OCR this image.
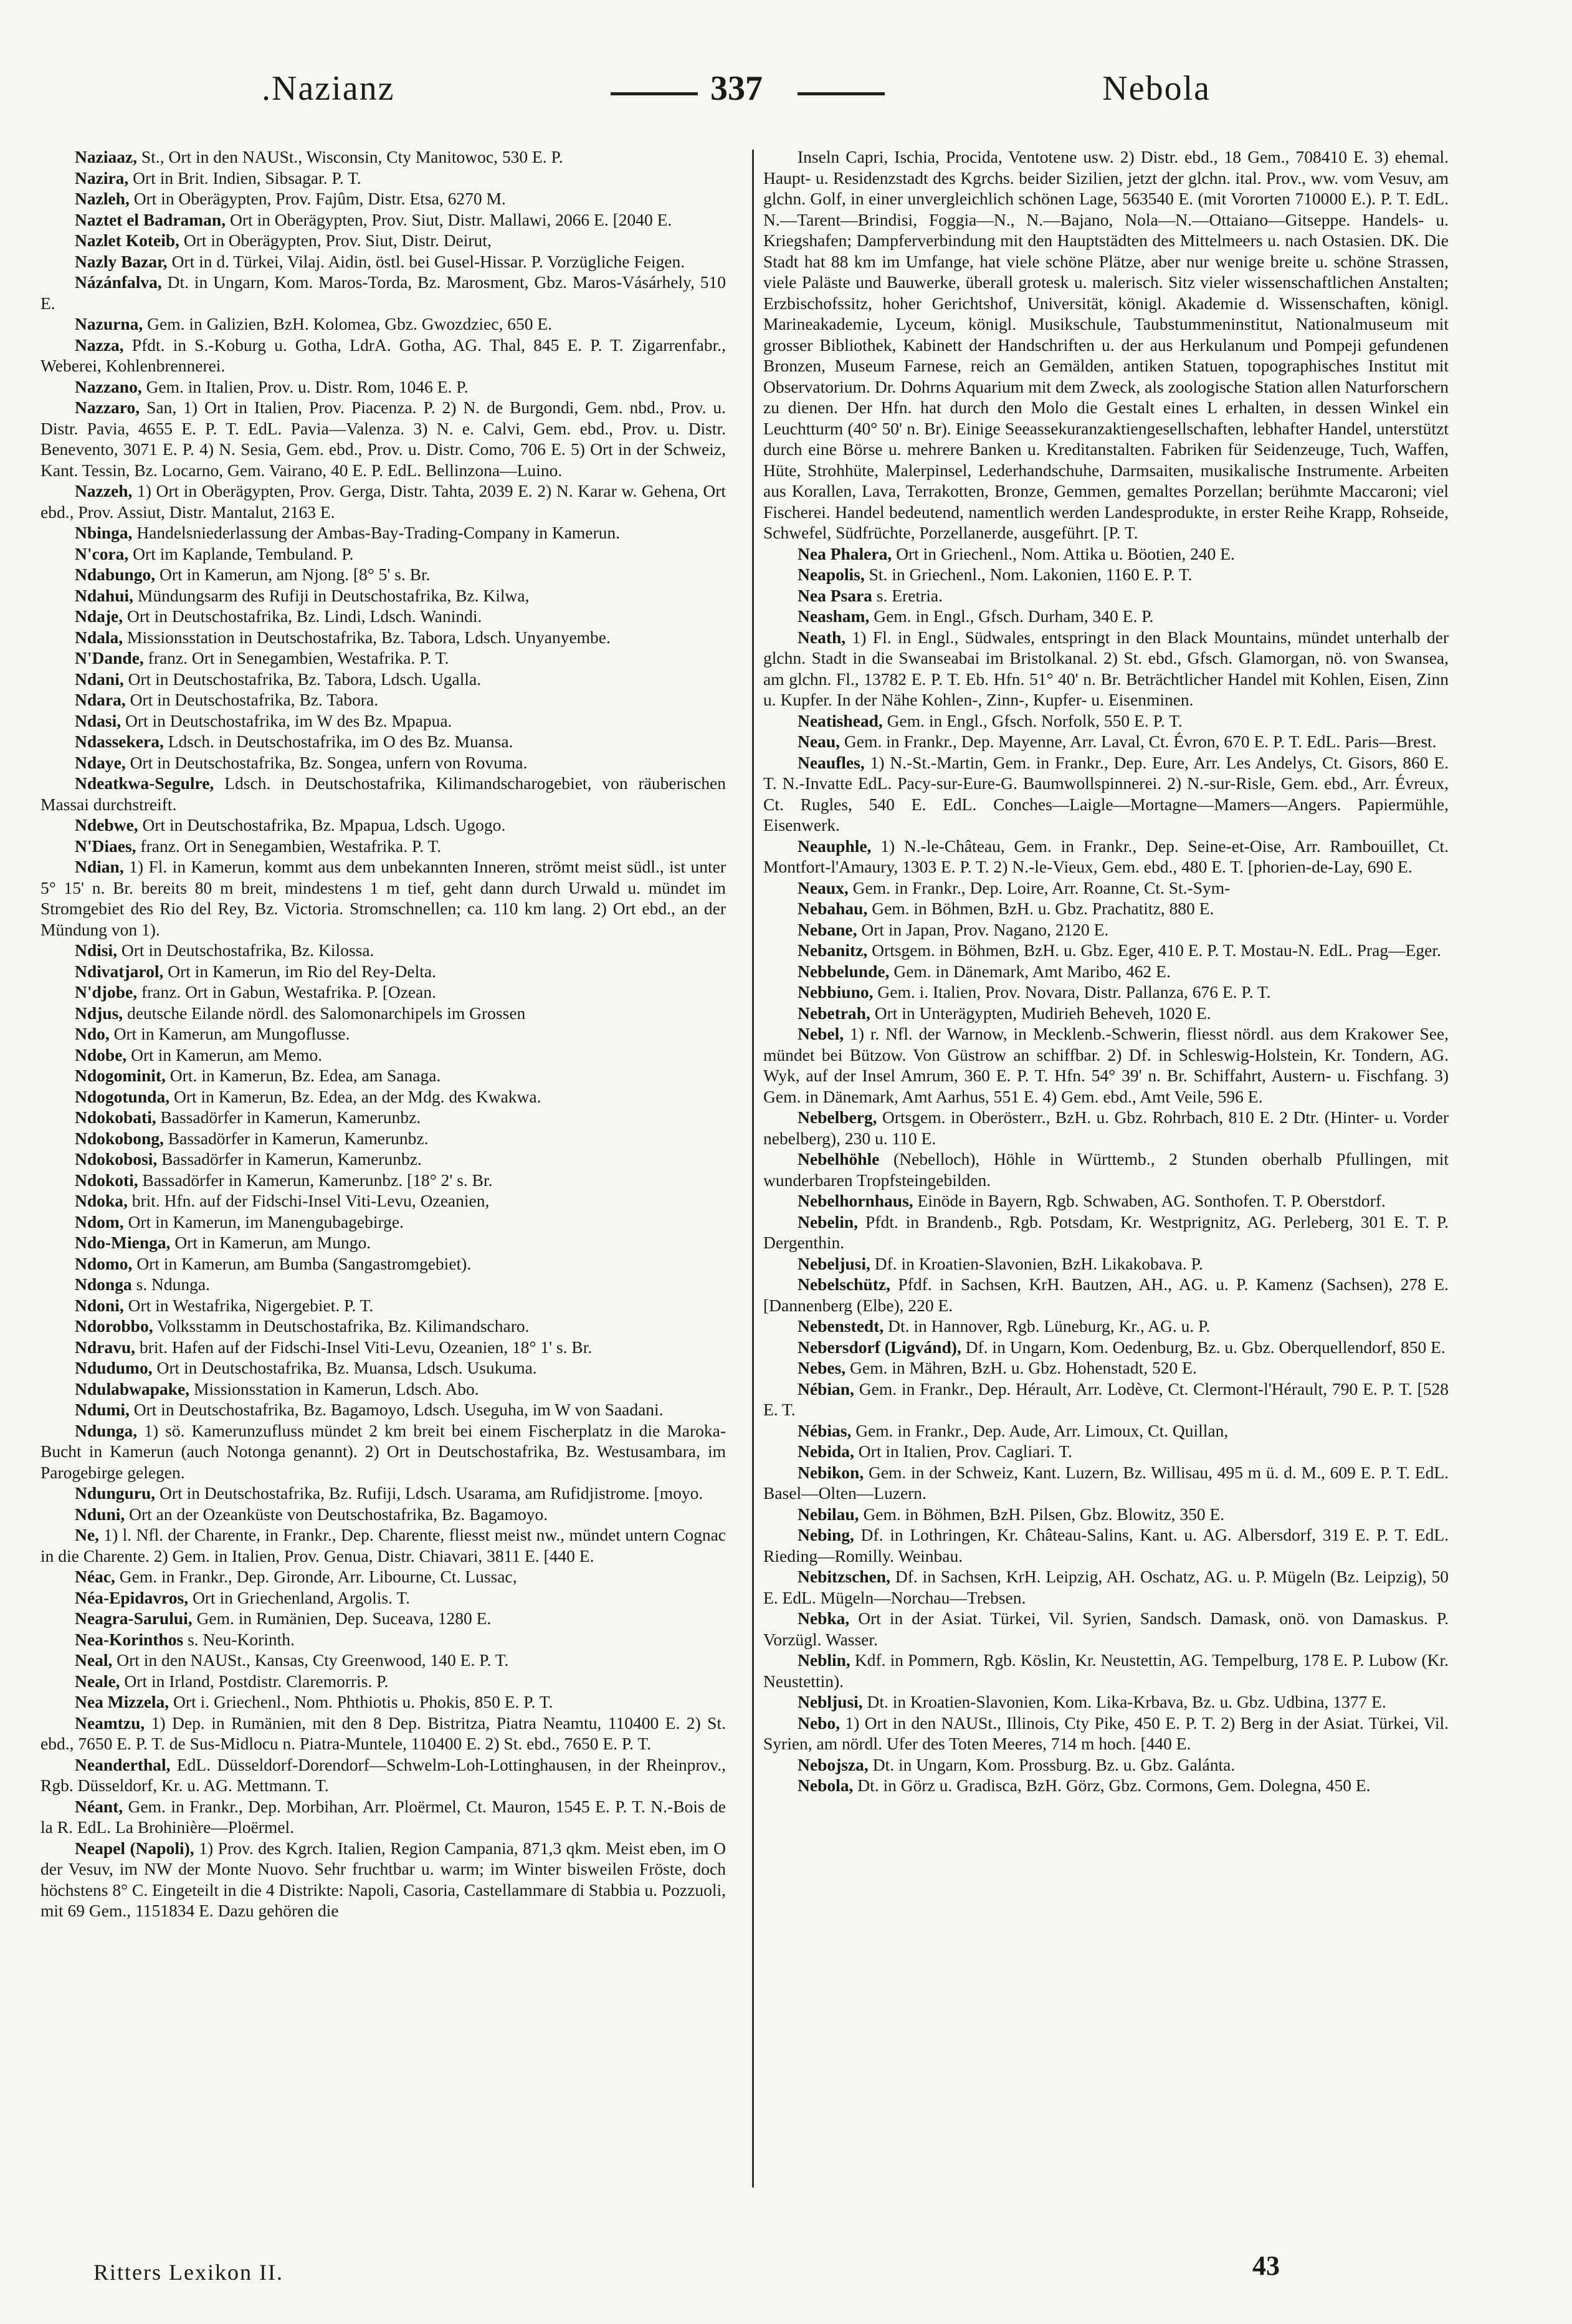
.Nazianz	337	Nebola

Naziaaz, St., Ort in den NAUSt., Wisconsin, Cty Manitowoc, 530 E. P.

Nazira, Ort in Brit. Indien, Sibsagar. P. T.

Nazleh, Ort in Oberägypten, Prov. Fajûm, Distr. Etsa, 6270 M.

Naztet el Badraman, Ort in Oberägypten, Prov. Siut, Distr. Mallawi, 2066 E. [2040 E.

Nazlet Koteib, Ort in Oberägypten, Prov. Siut, Distr. Deirut,

Nazly Bazar, Ort in d. Türkei, Vilaj. Aidin, östl. bei Gusel-Hissar. P. Vorzügliche Feigen.

Názánfalva, Dt. in Ungarn, Kom. Maros-Torda, Bz. Marosment, Gbz. Maros-Vásárhely, 510 E.

Nazurna, Gem. in Galizien, BzH. Kolomea, Gbz. Gwozdziec, 650 E.

Nazza, Pfdt. in S.-Koburg u. Gotha, LdrA. Gotha, AG. Thal, 845 E. P. T. Zigarrenfabr., Weberei, Kohlenbrennerei.

Nazzano, Gem. in Italien, Prov. u. Distr. Rom, 1046 E. P.

Nazzaro, San, 1) Ort in Italien, Prov. Piacenza. P. 2) N. de Burgondi, Gem. nbd., Prov. u. Distr. Pavia, 4655 E. P. T. EdL. Pavia—Valenza. 3) N. e. Calvi, Gem. ebd., Prov. u. Distr. Benevento, 3071 E. P. 4) N. Sesia, Gem. ebd., Prov. u. Distr. Como, 706 E. 5) Ort in der Schweiz, Kant. Tessin, Bz. Locarno, Gem. Vairano, 40 E. P. EdL. Bellinzona—Luino.

Nazzeh, 1) Ort in Oberägypten, Prov. Gerga, Distr. Tahta, 2039 E. 2) N. Karar w. Gehena, Ort ebd., Prov. Assiut, Distr. Mantalut, 2163 E.

Nbinga, Handelsniederlassung der Ambas-Bay-Trading-Company in Kamerun.

N'cora, Ort im Kaplande, Tembuland. P.

Ndabungo, Ort in Kamerun, am Njong. [8° 5' s. Br.

Ndahui, Mündungsarm des Rufiji in Deutschostafrika, Bz. Kilwa,

Ndaje, Ort in Deutschostafrika, Bz. Lindi, Ldsch. Wanindi.

Ndala, Missionsstation in Deutschostafrika, Bz. Tabora, Ldsch. Unyanyembe.

N'Dande, franz. Ort in Senegambien, Westafrika. P. T.

Ndani, Ort in Deutschostafrika, Bz. Tabora, Ldsch. Ugalla.

Ndara, Ort in Deutschostafrika, Bz. Tabora.

Ndasi, Ort in Deutschostafrika, im W des Bz. Mpapua.

Ndassekera, Ldsch. in Deutschostafrika, im O des Bz. Muansa.

Ndaye, Ort in Deutschostafrika, Bz. Songea, unfern von Rovuma.

Ndeatkwa-Segulre, Ldsch. in Deutschostafrika, Kilimandscharogebiet, von räuberischen Massai durchstreift.

Ndebwe, Ort in Deutschostafrika, Bz. Mpapua, Ldsch. Ugogo.

N'Diaes, franz. Ort in Senegambien, Westafrika. P. T.

Ndian, 1) Fl. in Kamerun, kommt aus dem unbekannten Inneren, strömt meist südl., ist unter 5° 15' n. Br. bereits 80 m breit, mindestens 1 m tief, geht dann durch Urwald u. mündet im Stromgebiet des Rio del Rey, Bz. Victoria. Stromschnellen; ca. 110 km lang. 2) Ort ebd., an der Mündung von 1).

Ndisi, Ort in Deutschostafrika, Bz. Kilossa.

Ndivatjarol, Ort in Kamerun, im Rio del Rey-Delta.

N'djobe, franz. Ort in Gabun, Westafrika. P. [Ozean.

Ndjus, deutsche Eilande nördl. des Salomonarchipels im Grossen

Ndo, Ort in Kamerun, am Mungoflusse.

Ndobe, Ort in Kamerun, am Memo.

Ndogominit, Ort. in Kamerun, Bz. Edea, am Sanaga.

Ndogotunda, Ort in Kamerun, Bz. Edea, an der Mdg. des Kwakwa.

Ndokobati, Bassadörfer in Kamerun, Kamerunbz.

Ndokobong, Bassadörfer in Kamerun, Kamerunbz.

Ndokobosi, Bassadörfer in Kamerun, Kamerunbz.

Ndokoti, Bassadörfer in Kamerun, Kamerunbz. [18° 2' s. Br.

Ndoka, brit. Hfn. auf der Fidschi-Insel Viti-Levu, Ozeanien,

Ndom, Ort in Kamerun, im Manengubagebirge.

Ndo-Mienga, Ort in Kamerun, am Mungo.

Ndomo, Ort in Kamerun, am Bumba (Sangastromgebiet).

Ndonga s. Ndunga.

Ndoni, Ort in Westafrika, Nigergebiet. P. T.

Ndorobbo, Volksstamm in Deutschostafrika, Bz. Kilimandscharo.

Ndravu, brit. Hafen auf der Fidschi-Insel Viti-Levu, Ozeanien, 18° 1' s. Br.

Ndudumo, Ort in Deutschostafrika, Bz. Muansa, Ldsch. Usukuma.

Ndulabwapake, Missionsstation in Kamerun, Ldsch. Abo.

Ndumi, Ort in Deutschostafrika, Bz. Bagamoyo, Ldsch. Useguha, im W von Saadani.

Ndunga, 1) sö. Kamerunzufluss mündet 2 km breit bei einem Fischerplatz in die Maroka-Bucht in Kamerun (auch Notonga genannt). 2) Ort in Deutschostafrika, Bz. Westusambara, im Parogebirge gelegen.

Ndunguru, Ort in Deutschostafrika, Bz. Rufiji, Ldsch. Usarama, am Rufidjistrome. [moyo.

Nduni, Ort an der Ozeanküste von Deutschostafrika, Bz. Bagamoyo.

Ne, 1) l. Nfl. der Charente, in Frankr., Dep. Charente, fliesst meist nw., mündet untern Cognac in die Charente. 2) Gem. in Italien, Prov. Genua, Distr. Chiavari, 3811 E. [440 E.

Néac, Gem. in Frankr., Dep. Gironde, Arr. Libourne, Ct. Lussac,

Néa-Epidavros, Ort in Griechenland, Argolis. T.

Neagra-Sarului, Gem. in Rumänien, Dep. Suceava, 1280 E.

Nea-Korinthos s. Neu-Korinth.

Neal, Ort in den NAUSt., Kansas, Cty Greenwood, 140 E. P. T.

Neale, Ort in Irland, Postdistr. Claremorris. P.

Nea Mizzela, Ort i. Griechenl., Nom. Phthiotis u. Phokis, 850 E. P. T.

Neamtzu, 1) Dep. in Rumänien, mit den 8 Dep. Bistritza, Piatra Neamtu, 110400 E. 2) St. ebd., 7650 E. P. T. de Sus-Midlocu n. Piatra-Muntele, 110400 E. 2) St. ebd., 7650 E. P. T.

Neanderthal, EdL. Düsseldorf-Dorendorf—Schwelm-Loh-Lottinghausen, in der Rheinprov., Rgb. Düsseldorf, Kr. u. AG. Mettmann. T.

Néant, Gem. in Frankr., Dep. Morbihan, Arr. Ploërmel, Ct. Mauron, 1545 E. P. T. N.-Bois de la R. EdL. La Brohinière—Ploërmel.

Neapel (Napoli), 1) Prov. des Kgrch. Italien, Region Campania, 871,3 qkm. Meist eben, im O der Vesuv, im NW der Monte Nuovo. Sehr fruchtbar u. warm; im Winter bisweilen Fröste, doch höchstens 8° C. Eingeteilt in die 4 Distrikte: Napoli, Casoria, Castellammare di Stabbia u. Pozzuoli, mit 69 Gem., 1151834 E. Dazu gehören die

Inseln Capri, Ischia, Procida, Ventotene usw. 2) Distr. ebd., 18 Gem., 708410 E. 3) ehemal. Haupt- u. Residenzstadt des Kgrchs. beider Sizilien, jetzt der glchn. ital. Prov., ww. vom Vesuv, am glchn. Golf, in einer unvergleichlich schönen Lage, 563540 E. (mit Vororten 710000 E.). P. T. EdL. N.—Tarent—Brindisi, Foggia—N., N.—Bajano, Nola—N.—Ottaiano—Gitseppe. Handels- u. Kriegshafen; Dampferverbindung mit den Hauptstädten des Mittelmeers u. nach Ostasien. DK. Die Stadt hat 88 km im Umfange, hat viele schöne Plätze, aber nur wenige breite u. schöne Strassen, viele Paläste und Bauwerke, überall grotesk u. malerisch. Sitz vieler wissenschaftlichen Anstalten; Erzbischofssitz, hoher Gerichtshof, Universität, königl. Akademie d. Wissenschaften, königl. Marineakademie, Lyceum, königl. Musikschule, Taubstummeninstitut, Nationalmuseum mit grosser Bibliothek, Kabinett der Handschriften u. der aus Herkulanum und Pompeji gefundenen Bronzen, Museum Farnese, reich an Gemälden, antiken Statuen, topographisches Institut mit Observatorium. Dr. Dohrns Aquarium mit dem Zweck, als zoologische Station allen Naturforschern zu dienen. Der Hfn. hat durch den Molo die Gestalt eines L erhalten, in dessen Winkel ein Leuchtturm (40° 50' n. Br). Einige Seeassekuranzaktiengesellschaften, lebhafter Handel, unterstützt durch eine Börse u. mehrere Banken u. Kreditanstalten. Fabriken für Seidenzeuge, Tuch, Waffen, Hüte, Strohhüte, Malerpinsel, Lederhandschuhe, Darmsaiten, musikalische Instrumente. Arbeiten aus Korallen, Lava, Terrakotten, Bronze, Gemmen, gemaltes Porzellan; berühmte Maccaroni; viel Fischerei. Handel bedeutend, namentlich werden Landesprodukte, in erster Reihe Krapp, Rohseide, Schwefel, Südfrüchte, Porzellanerde, ausgeführt. [P. T.

Nea Phalera, Ort in Griechenl., Nom. Attika u. Böotien, 240 E.

Neapolis, St. in Griechenl., Nom. Lakonien, 1160 E. P. T.

Nea Psara s. Eretria.

Neasham, Gem. in Engl., Gfsch. Durham, 340 E. P.

Neath, 1) Fl. in Engl., Südwales, entspringt in den Black Mountains, mündet unterhalb der glchn. Stadt in die Swanseabai im Bristolkanal. 2) St. ebd., Gfsch. Glamorgan, nö. von Swansea, am glchn. Fl., 13782 E. P. T. Eb. Hfn. 51° 40' n. Br. Beträchtlicher Handel mit Kohlen, Eisen, Zinn u. Kupfer. In der Nähe Kohlen-, Zinn-, Kupfer- u. Eisenminen.

Neatishead, Gem. in Engl., Gfsch. Norfolk, 550 E. P. T.

Neau, Gem. in Frankr., Dep. Mayenne, Arr. Laval, Ct. Évron, 670 E. P. T. EdL. Paris—Brest.

Neaufles, 1) N.-St.-Martin, Gem. in Frankr., Dep. Eure, Arr. Les Andelys, Ct. Gisors, 860 E. T. N.-Invatte EdL. Pacy-sur-Eure-G. Baumwollspinnerei. 2) N.-sur-Risle, Gem. ebd., Arr. Évreux, Ct. Rugles, 540 E. EdL. Conches—Laigle—Mortagne—Mamers—Angers. Papiermühle, Eisenwerk.

Neauphle, 1) N.-le-Château, Gem. in Frankr., Dep. Seine-et-Oise, Arr. Rambouillet, Ct. Montfort-l'Amaury, 1303 E. P. T. 2) N.-le-Vieux, Gem. ebd., 480 E. T. [phorien-de-Lay, 690 E.

Neaux, Gem. in Frankr., Dep. Loire, Arr. Roanne, Ct. St.-Sym-

Nebahau, Gem. in Böhmen, BzH. u. Gbz. Prachatitz, 880 E.

Nebane, Ort in Japan, Prov. Nagano, 2120 E.

Nebanitz, Ortsgem. in Böhmen, BzH. u. Gbz. Eger, 410 E. P. T. Mostau-N. EdL. Prag—Eger.

Nebbelunde, Gem. in Dänemark, Amt Maribo, 462 E.

Nebbiuno, Gem. i. Italien, Prov. Novara, Distr. Pallanza, 676 E. P. T.

Nebetrah, Ort in Unterägypten, Mudirieh Beheveh, 1020 E.

Nebel, 1) r. Nfl. der Warnow, in Mecklenb.-Schwerin, fliesst nördl. aus dem Krakower See, mündet bei Bützow. Von Güstrow an schiffbar. 2) Df. in Schleswig-Holstein, Kr. Tondern, AG. Wyk, auf der Insel Amrum, 360 E. P. T. Hfn. 54° 39' n. Br. Schiffahrt, Austern- u. Fischfang. 3) Gem. in Dänemark, Amt Aarhus, 551 E. 4) Gem. ebd., Amt Veile, 596 E.

Nebelberg, Ortsgem. in Oberösterr., BzH. u. Gbz. Rohrbach, 810 E. 2 Dtr. (Hinter- u. Vorder nebelberg), 230 u. 110 E.

Nebelhöhle (Nebelloch), Höhle in Württemb., 2 Stunden oberhalb Pfullingen, mit wunderbaren Tropfsteingebilden.

Nebelhornhaus, Einöde in Bayern, Rgb. Schwaben, AG. Sonthofen. T. P. Oberstdorf.

Nebelin, Pfdt. in Brandenb., Rgb. Potsdam, Kr. Westprignitz, AG. Perleberg, 301 E. T. P. Dergenthin.

Nebeljusi, Df. in Kroatien-Slavonien, BzH. Likakobava. P.

Nebelschütz, Pfdf. in Sachsen, KrH. Bautzen, AH., AG. u. P. Kamenz (Sachsen), 278 E. [Dannenberg (Elbe), 220 E.

Nebenstedt, Dt. in Hannover, Rgb. Lüneburg, Kr., AG. u. P.

Nebersdorf (Ligvánd), Df. in Ungarn, Kom. Oedenburg, Bz. u. Gbz. Oberquellendorf, 850 E.

Nebes, Gem. in Mähren, BzH. u. Gbz. Hohenstadt, 520 E.

Nébian, Gem. in Frankr., Dep. Hérault, Arr. Lodève, Ct. Clermont-l'Hérault, 790 E. P. T. [528 E. T.

Nébias, Gem. in Frankr., Dep. Aude, Arr. Limoux, Ct. Quillan,

Nebida, Ort in Italien, Prov. Cagliari. T.

Nebikon, Gem. in der Schweiz, Kant. Luzern, Bz. Willisau, 495 m ü. d. M., 609 E. P. T. EdL. Basel—Olten—Luzern.

Nebilau, Gem. in Böhmen, BzH. Pilsen, Gbz. Blowitz, 350 E.

Nebing, Df. in Lothringen, Kr. Château-Salins, Kant. u. AG. Albersdorf, 319 E. P. T. EdL. Rieding—Romilly. Weinbau.

Nebitzschen, Df. in Sachsen, KrH. Leipzig, AH. Oschatz, AG. u. P. Mügeln (Bz. Leipzig), 50 E. EdL. Mügeln—Norchau—Trebsen.

Nebka, Ort in der Asiat. Türkei, Vil. Syrien, Sandsch. Damask, onö. von Damaskus. P. Vorzügl. Wasser.

Neblin, Kdf. in Pommern, Rgb. Köslin, Kr. Neustettin, AG. Tempelburg, 178 E. P. Lubow (Kr. Neustettin).

Nebljusi, Dt. in Kroatien-Slavonien, Kom. Lika-Krbava, Bz. u. Gbz. Udbina, 1377 E.

Nebo, 1) Ort in den NAUSt., Illinois, Cty Pike, 450 E. P. T. 2) Berg in der Asiat. Türkei, Vil. Syrien, am nördl. Ufer des Toten Meeres, 714 m hoch. [440 E.

Nebojsza, Dt. in Ungarn, Kom. Prossburg. Bz. u. Gbz. Galánta.

Nebola, Dt. in Görz u. Gradisca, BzH. Görz, Gbz. Cormons, Gem. Dolegna, 450 E.

Ritters Lexikon II.	43
